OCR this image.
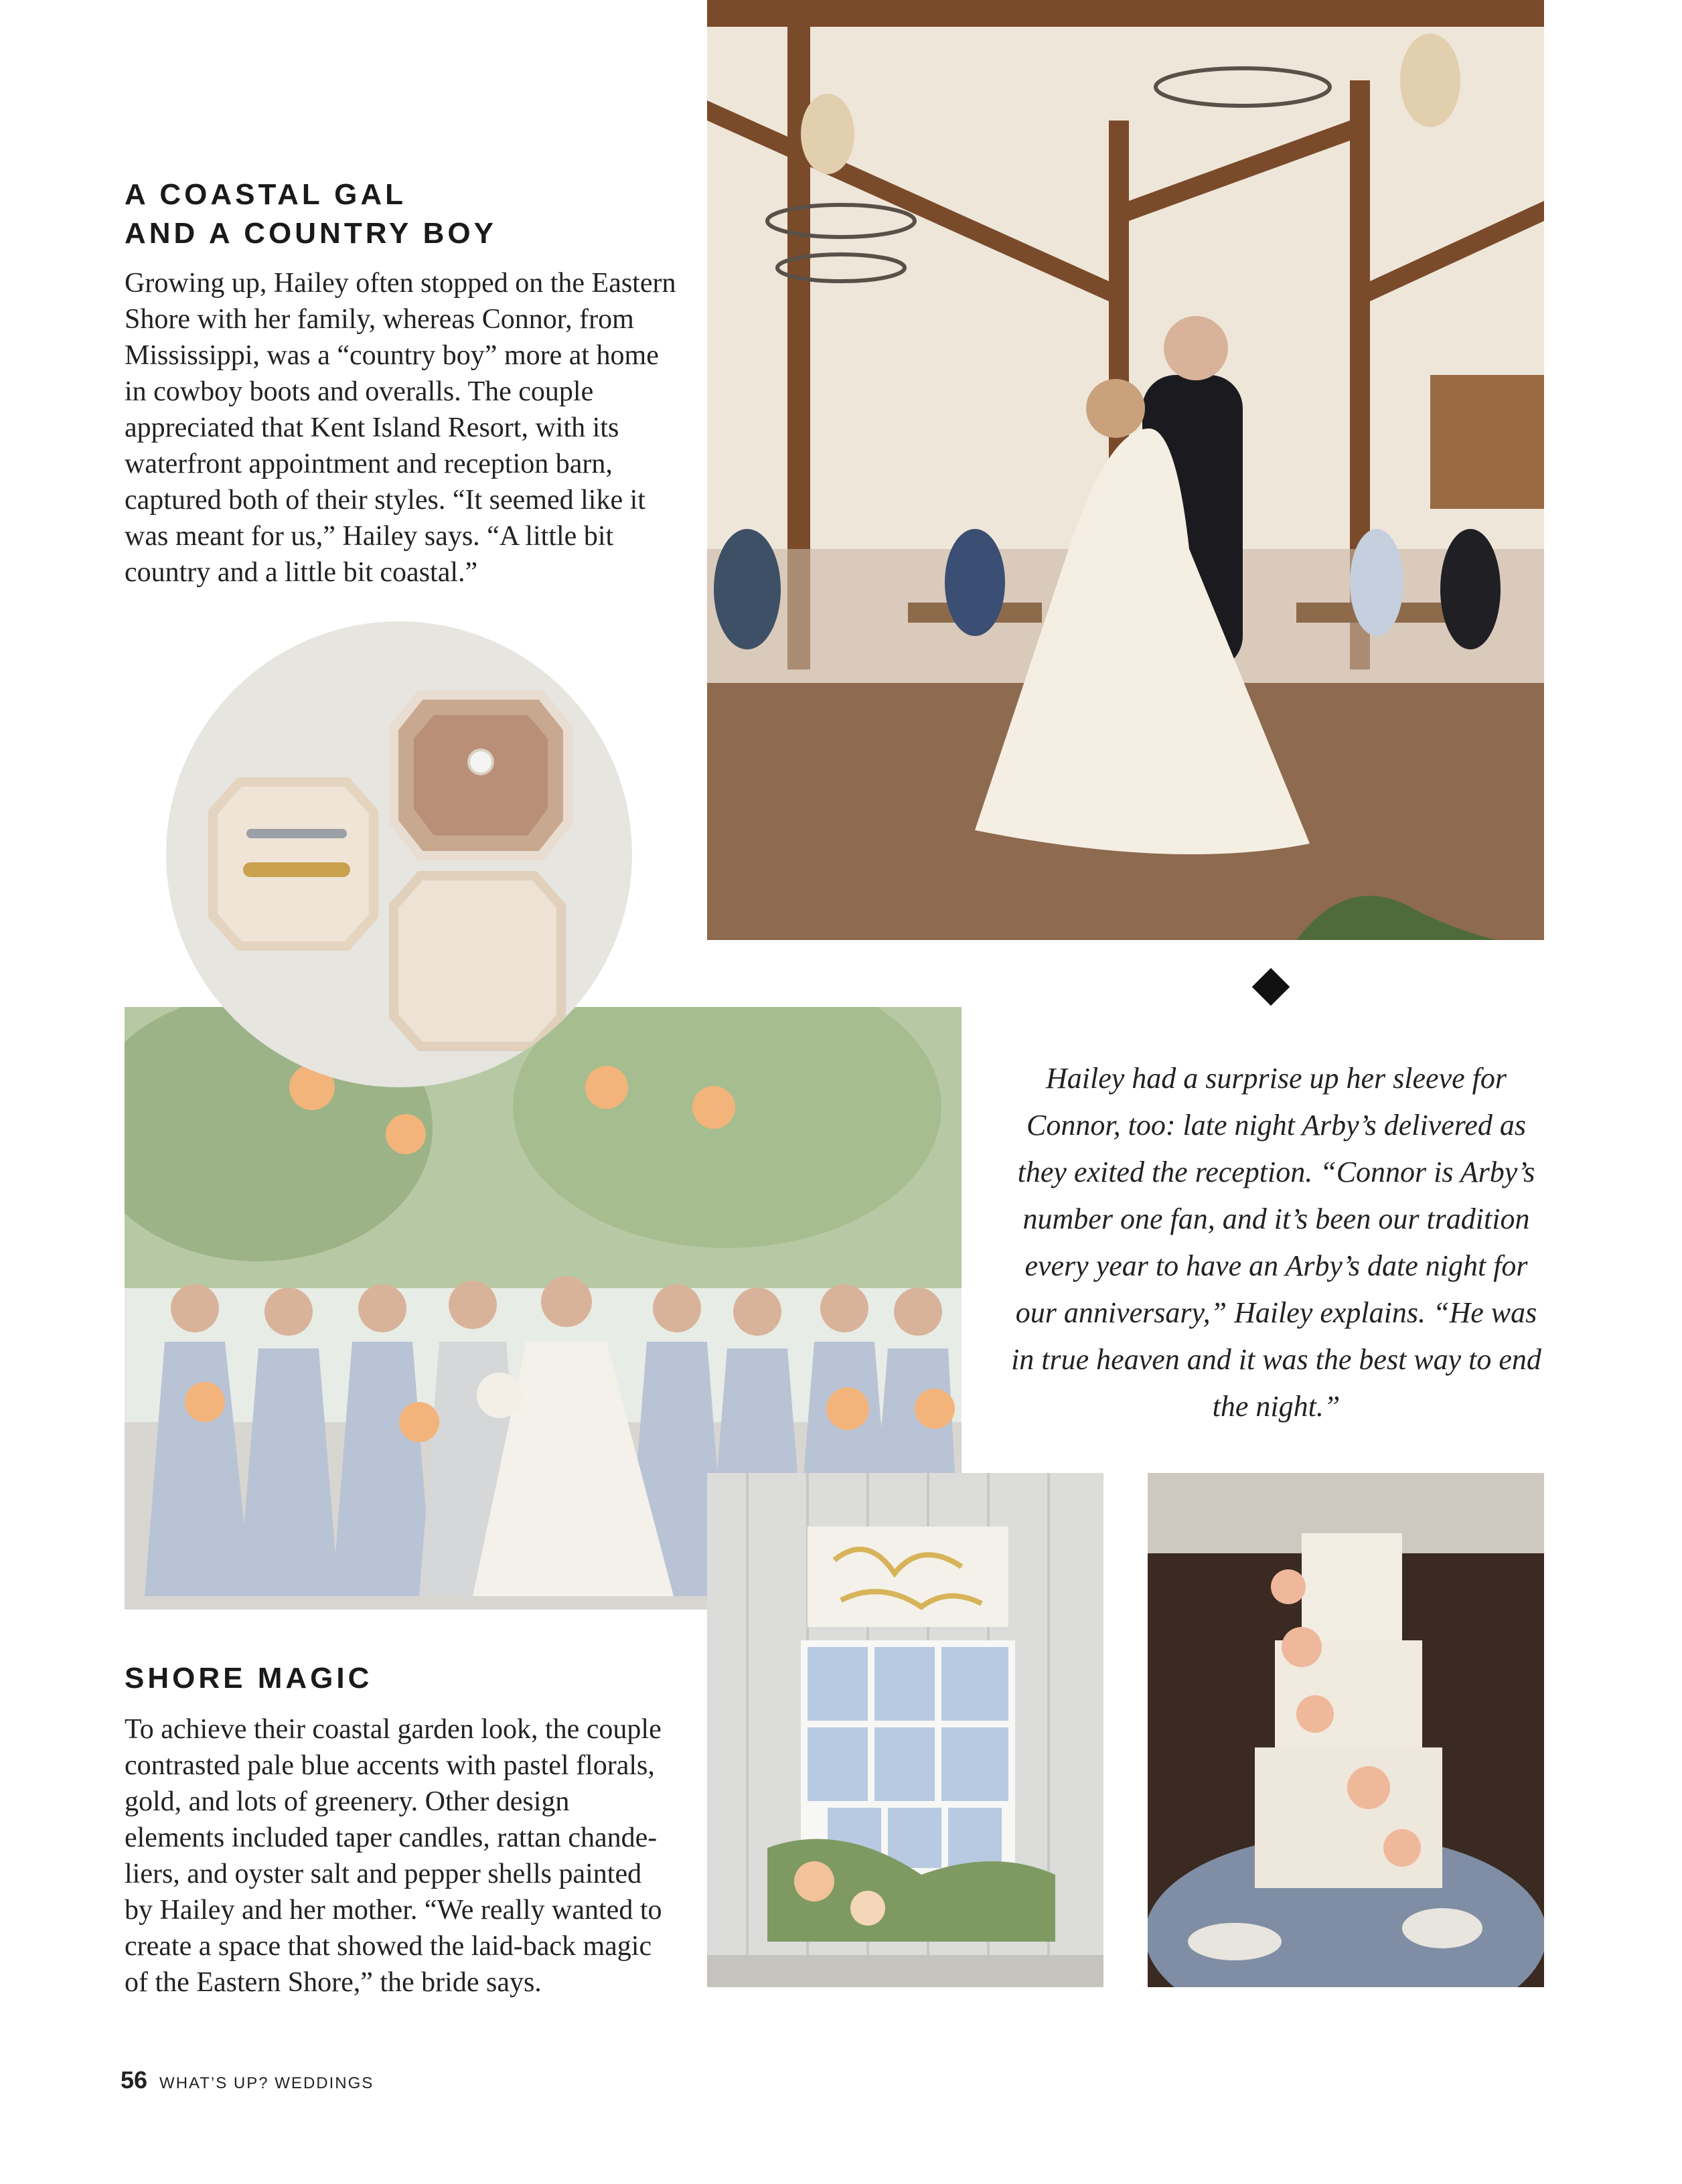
A COASTAL GAL
AND A COUNTRY BOY

Growing up, Hailey often stopped on the Eastern Shore with her family, whereas Connor, from Mississippi, was a “country boy” more at home in cowboy boots and overalls. The couple appreciated that Kent Island Resort, with its waterfront appointment and reception barn, captured both of their styles. “It seemed like it was meant for us,” Hailey says. “A little bit country and a little bit coastal.”

Hailey had a surprise up her sleeve for Connor, too: late night Arby’s delivered as they exited the reception. “Connor is Arby’s number one fan, and it’s been our tradition every year to have an Arby’s date night for our anniversary,” Hailey explains. “He was in true heaven and it was the best way to end the night.”

SHORE MAGIC

To achieve their coastal garden look, the couple contrasted pale blue accents with pastel florals, gold, and lots of greenery. Other design elements included taper candles, rattan chande-liers, and oyster salt and pepper shells painted by Hailey and her mother. “We really wanted to create a space that showed the laid-back magic of the Eastern Shore,” the bride says.

56 WHAT’S UP? WEDDINGS
